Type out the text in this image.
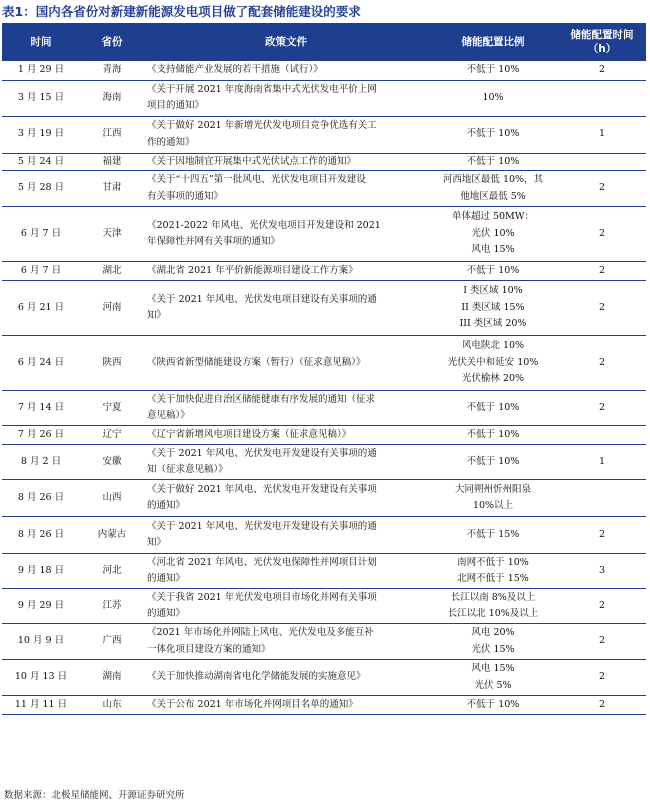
表1：国内各省份对新建新能源发电项目做了配套储能建设的要求
时间	省份	政策文件	储能配置比例	储能配置时间
（h）

1 月 29 日	青海	《支持储能产业发展的若干措施（试行）》	不低于 10%	2
3 月 15 日	海南	《关于开展 2021 年度海南省集中式光伏发电平价上网
项目的通知》	10%	

3 月 19 日	江西	《关于做好 2021 年新增光伏发电项目竞争优选有关工
作的通知》	不低于 10%	1
5 月 24 日	福建	《关于因地制宜开展集中式光伏试点工作的通知》	不低于 10%	

5 月 28 日	甘肃	《关于“十四五”第一批风电、光伏发电项目开发建设
有关事项的通知》	河西地区最低 10%，其
他地区最低 5%	2
6 月 7 日	天津	《2021-2022 年风电、光伏发电项目开发建设和 2021
年保障性并网有关事项的通知》	单体超过 50MW：
光伏 10%
风电 15%	2
6 月 7 日	湖北	《湖北省 2021 年平价新能源项目建设工作方案》	不低于 10%	2
6 月 21 日	河南	《关于 2021 年风电、光伏发电项目建设有关事项的通
知》	I 类区域 10%
II 类区域 15%
III 类区域 20%	2
6 月 24 日	陕西	《陕西省新型储能建设方案（暂行）（征求意见稿）》	风电陕北 10%
光伏关中和延安 10%
光伏榆林 20%	2
7 月 14 日	宁夏	《关于加快促进自治区储能健康有序发展的通知（征求
意见稿）》	不低于 10%	2
7 月 26 日	辽宁	《辽宁省新增风电项目建设方案（征求意见稿）》	不低于 10%	

8 月 2 日	安徽	《关于 2021 年风电、光伏发电开发建设有关事项的通
知（征求意见稿）》	不低于 10%	1
8 月 26 日	山西	《关于做好 2021 年风电、光伏发电开发建设有关事项
的通知》	大同朔州忻州阳泉
10%以上	

8 月 26 日	内蒙古	《关于 2021 年风电、光伏发电开发建设有关事项的通
知》	不低于 15%	2
9 月 18 日	河北	《河北省 2021 年风电、光伏发电保障性并网项目计划
的通知》	南网不低于 10%
北网不低于 15%	3
9 月 29 日	江苏	《关于我省 2021 年光伏发电项目市场化并网有关事项
的通知》	长江以南 8%及以上
长江以北 10%及以上	2
10 月 9 日	广西	《2021 年市场化并网陆上风电、光伏发电及多能互补
一体化项目建设方案的通知》	风电 20%
光伏 15%	2
10 月 13 日	湖南	《关于加快推动湖南省电化学储能发展的实施意见》	风电 15%
光伏 5%	2
11 月 11 日	山东	《关于公布 2021 年市场化并网项目名单的通知》	不低于 10%	2
数据来源：北极星储能网、开源证券研究所
